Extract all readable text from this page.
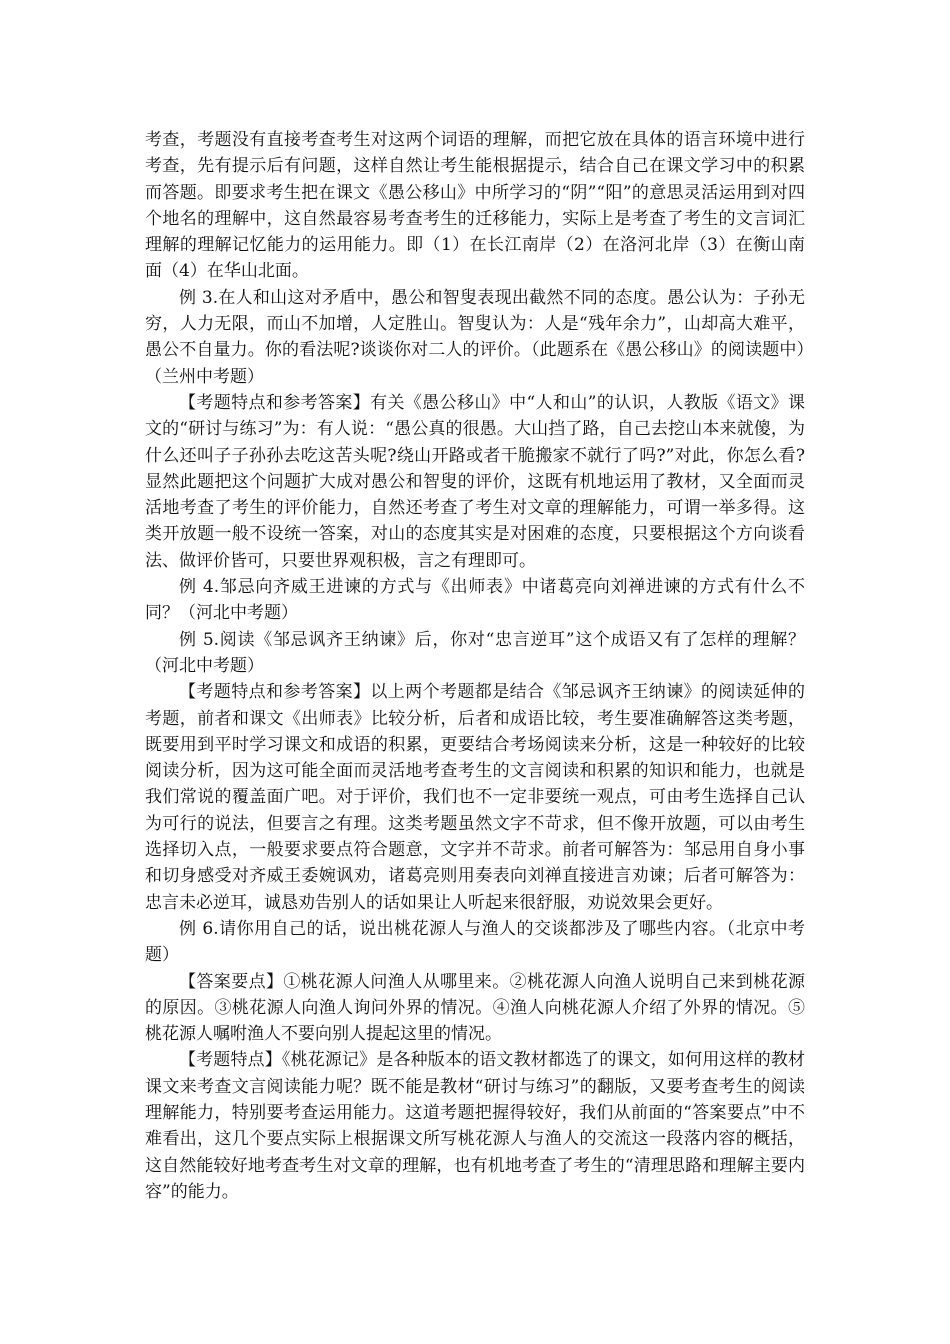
考查，考题没有直接考查考生对这两个词语的理解，而把它放在具体的语言环境中进行考查，先有提示后有问题，这样自然让考生能根据提示，结合自己在课文学习中的积累而答题。即要求考生把在课文《愚公移山》中所学习的“阴”“阳”的意思灵活运用到对四个地名的理解中，这自然最容易考查考生的迁移能力，实际上是考查了考生的文言词汇理解的理解记忆能力的运用能力。即（1）在长江南岸（2）在洛河北岸（3）在衡山南面（4）在华山北面。

例 3.在人和山这对矛盾中，愚公和智叟表现出截然不同的态度。愚公认为：子孙无穷，人力无限，而山不加增，人定胜山。智叟认为：人是“残年余力”，山却高大难平，愚公不自量力。你的看法呢?谈谈你对二人的评价。（此题系在《愚公移山》的阅读题中）（兰州中考题）

【考题特点和参考答案】有关《愚公移山》中“人和山”的认识，人教版《语文》课文的“研讨与练习”为：有人说：“愚公真的很愚。大山挡了路，自己去挖山本来就傻，为什么还叫子子孙孙去吃这苦头呢?绕山开路或者干脆搬家不就行了吗?”对此，你怎么看?显然此题把这个问题扩大成对愚公和智叟的评价，这既有机地运用了教材，又全面而灵活地考查了考生的评价能力，自然还考查了考生对文章的理解能力，可谓一举多得。这类开放题一般不设统一答案，对山的态度其实是对困难的态度，只要根据这个方向谈看法、做评价皆可，只要世界观积极，言之有理即可。

例 4.邹忌向齐威王进谏的方式与《出师表》中诸葛亮向刘禅进谏的方式有什么不同？（河北中考题）

例 5.阅读《邹忌讽齐王纳谏》后，你对“忠言逆耳”这个成语又有了怎样的理解？（河北中考题）

【考题特点和参考答案】以上两个考题都是结合《邹忌讽齐王纳谏》的阅读延伸的考题，前者和课文《出师表》比较分析，后者和成语比较，考生要准确解答这类考题，既要用到平时学习课文和成语的积累，更要结合考场阅读来分析，这是一种较好的比较阅读分析，因为这可能全面而灵活地考查考生的文言阅读和积累的知识和能力，也就是我们常说的覆盖面广吧。对于评价，我们也不一定非要统一观点，可由考生选择自己认为可行的说法，但要言之有理。这类考题虽然文字不苛求，但不像开放题，可以由考生选择切入点，一般要求要点符合题意，文字并不苛求。前者可解答为：邹忌用自身小事和切身感受对齐威王委婉讽劝，诸葛亮则用奏表向刘禅直接进言劝谏；后者可解答为：忠言未必逆耳，诚恳劝告别人的话如果让人听起来很舒服，劝说效果会更好。

例 6.请你用自己的话，说出桃花源人与渔人的交谈都涉及了哪些内容。（北京中考题）

【答案要点】①桃花源人问渔人从哪里来。②桃花源人向渔人说明自己来到桃花源的原因。③桃花源人向渔人询问外界的情况。④渔人向桃花源人介绍了外界的情况。⑤桃花源人嘱咐渔人不要向别人提起这里的情况。

【考题特点】《桃花源记》是各种版本的语文教材都选了的课文，如何用这样的教材课文来考查文言阅读能力呢？既不能是教材“研讨与练习”的翻版，又要考查考生的阅读理解能力，特别要考查运用能力。这道考题把握得较好，我们从前面的“答案要点”中不难看出，这几个要点实际上根据课文所写桃花源人与渔人的交流这一段落内容的概括，这自然能较好地考查考生对文章的理解，也有机地考查了考生的“清理思路和理解主要内容”的能力。
